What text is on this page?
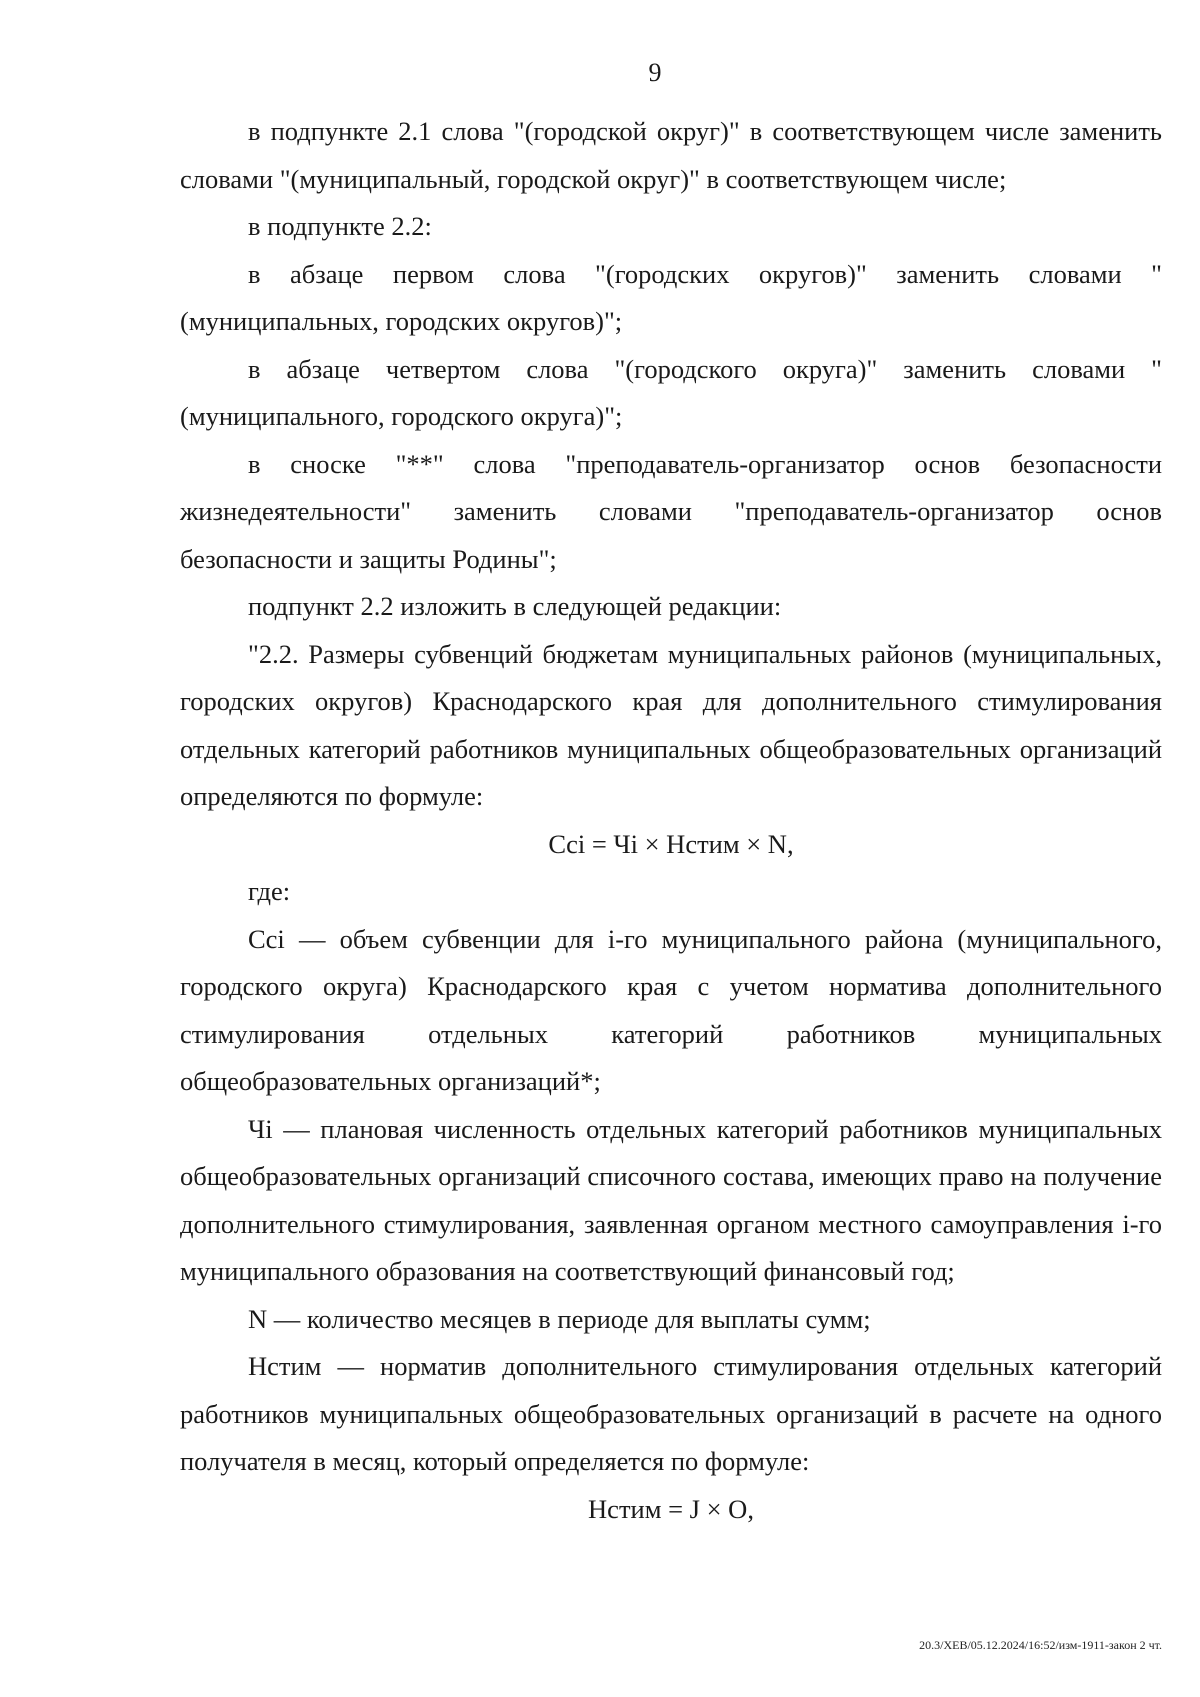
9

в подпункте 2.1 слова "(городской округ)" в соответствующем числе заменить словами "(муниципальный, городской округ)" в соответствующем числе;

в подпункте 2.2:

в абзаце первом слова "(городских округов)" заменить словами "(муниципальных, городских округов)";

в абзаце четвертом слова "(городского округа)" заменить словами "(муниципального, городского округа)";

в сноске "**" слова "преподаватель-организатор основ безопасности жизнедеятельности" заменить словами "преподаватель-организатор основ безопасности и защиты Родины";

подпункт 2.2 изложить в следующей редакции:

"2.2. Размеры субвенций бюджетам муниципальных районов (муниципальных, городских округов) Краснодарского края для дополнительного стимулирования отдельных категорий работников муниципальных общеобразовательных организаций определяются по формуле:

Сci = Чi × Нстим × N,

где:

Сci — объем субвенции для i-го муниципального района (муниципального, городского округа) Краснодарского края с учетом норматива дополнительного стимулирования отдельных категорий работников муниципальных общеобразовательных организаций*;

Чi — плановая численность отдельных категорий работников муниципальных общеобразовательных организаций списочного состава, имеющих право на получение дополнительного стимулирования, заявленная органом местного самоуправления i-го муниципального образования на соответствующий финансовый год;

N — количество месяцев в периоде для выплаты сумм;

Нстим — норматив дополнительного стимулирования отдельных категорий работников муниципальных общеобразовательных организаций в расчете на одного получателя в месяц, который определяется по формуле:

Нстим = J × O,

20.3/XEB/05.12.2024/16:52/изм-1911-закон 2 чт.
